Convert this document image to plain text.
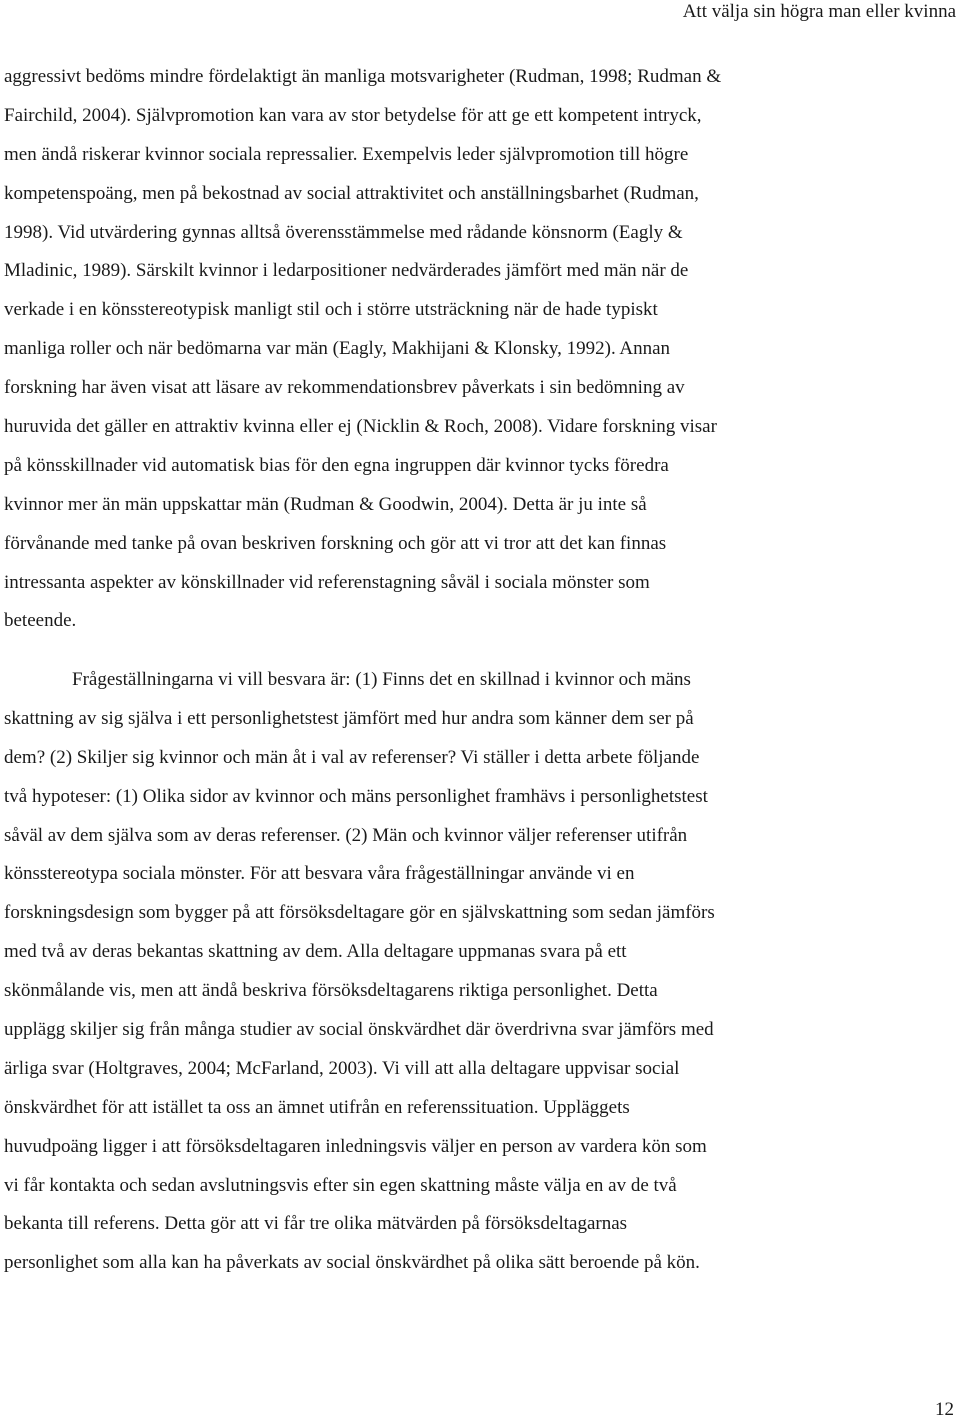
Att välja sin högra man eller kvinna
aggressivt bedöms mindre fördelaktigt än manliga motsvarigheter (Rudman, 1998; Rudman &
Fairchild, 2004). Självpromotion kan vara av stor betydelse för att ge ett kompetent intryck,
men ändå riskerar kvinnor sociala repressalier. Exempelvis leder självpromotion till högre
kompetenspoäng, men på bekostnad av social attraktivitet och anställningsbarhet (Rudman,
1998). Vid utvärdering gynnas alltså överensstämmelse med rådande könsnorm (Eagly &
Mladinic, 1989). Särskilt kvinnor i ledarpositioner nedvärderades jämfört med män när de
verkade i en könsstereotypisk manligt stil och i större utsträckning när de hade typiskt
manliga roller och när bedömarna var män (Eagly, Makhijani & Klonsky, 1992). Annan
forskning har även visat att läsare av rekommendationsbrev påverkats i sin bedömning av
huruvida det gäller en attraktiv kvinna eller ej (Nicklin & Roch, 2008). Vidare forskning visar
på könsskillnader vid automatisk bias för den egna ingruppen där kvinnor tycks föredra
kvinnor mer än män uppskattar män (Rudman & Goodwin, 2004). Detta är ju inte så
förvånande med tanke på ovan beskriven forskning och gör att vi tror att det kan finnas
intressanta aspekter av könskillnader vid referenstagning såväl i sociala mönster som
beteende.
Frågeställningarna vi vill besvara är: (1) Finns det en skillnad i kvinnor och mäns
skattning av sig själva i ett personlighetstest jämfört med hur andra som känner dem ser på
dem? (2) Skiljer sig kvinnor och män åt i val av referenser? Vi ställer i detta arbete följande
två hypoteser: (1) Olika sidor av kvinnor och mäns personlighet framhävs i personlighetstest
såväl av dem själva som av deras referenser. (2) Män och kvinnor väljer referenser utifrån
könsstereotypa sociala mönster. För att besvara våra frågeställningar använde vi en
forskningsdesign som bygger på att försöksdeltagare gör en självskattning som sedan jämförs
med två av deras bekantas skattning av dem. Alla deltagare uppmanas svara på ett
skönmålande vis, men att ändå beskriva försöksdeltagarens riktiga personlighet. Detta
upplägg skiljer sig från många studier av social önskvärdhet där överdrivna svar jämförs med
ärliga svar (Holtgraves, 2004; McFarland, 2003). Vi vill att alla deltagare uppvisar social
önskvärdhet för att istället ta oss an ämnet utifrån en referenssituation. Uppläggets
huvudpoäng ligger i att försöksdeltagaren inledningsvis väljer en person av vardera kön som
vi får kontakta och sedan avslutningsvis efter sin egen skattning måste välja en av de två
bekanta till referens. Detta gör att vi får tre olika mätvärden på försöksdeltagarnas
personlighet som alla kan ha påverkats av social önskvärdhet på olika sätt beroende på kön.
12
